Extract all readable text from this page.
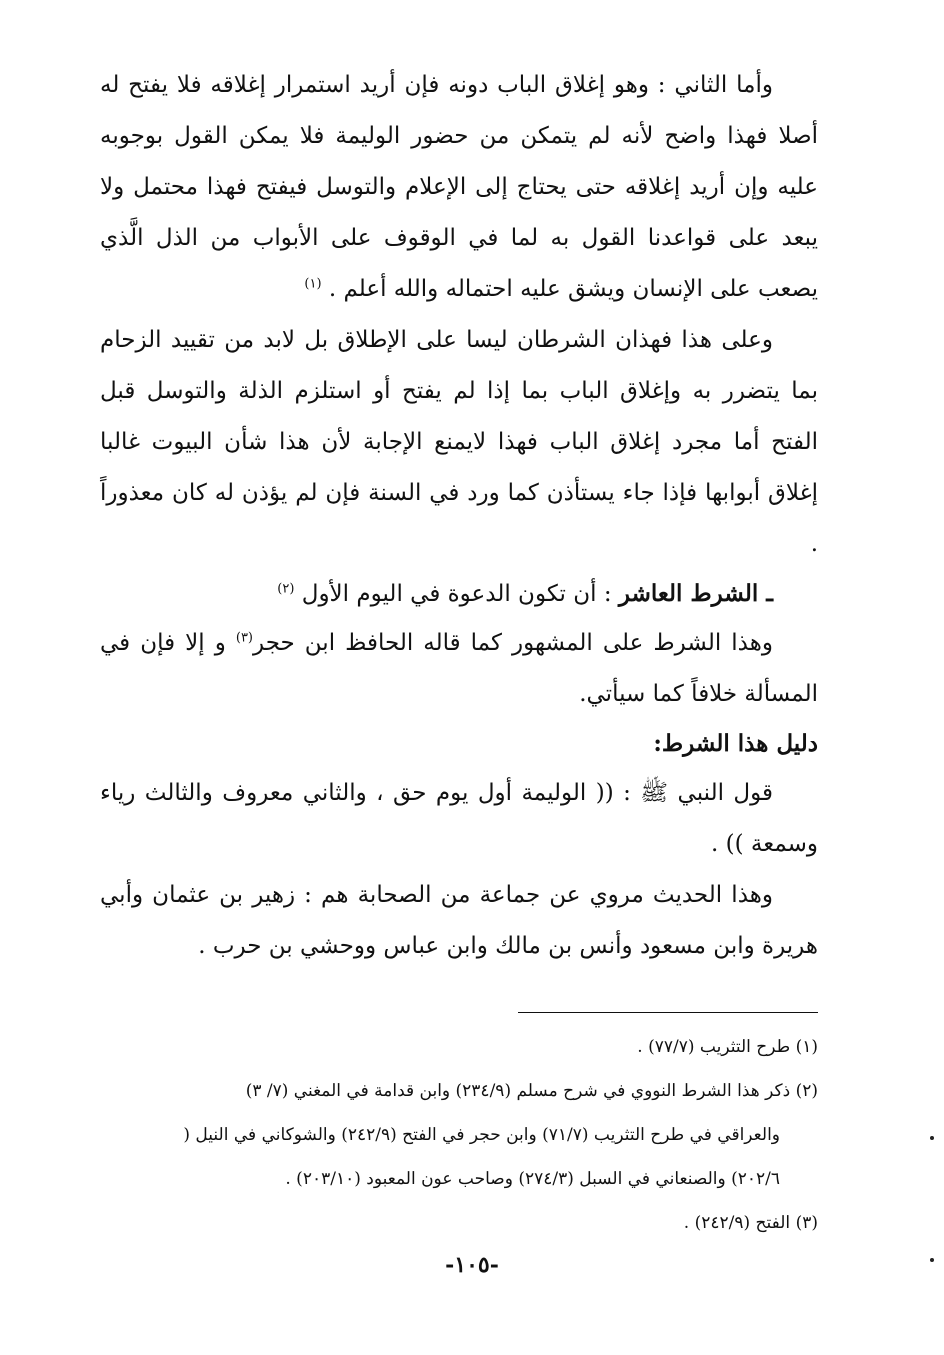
وأما الثاني : وهو إغلاق الباب دونه فإن أريد استمرار إغلاقه فلا يفتح له أصلا فهذا واضح لأنه لم يتمكن من حضور الوليمة فلا يمكن القول بوجوبه عليه وإن أريد إغلاقه حتى يحتاج إلى الإعلام والتوسل فيفتح فهذا محتمل ولا يبعد على قواعدنا القول به لما في الوقوف على الأبواب من الذل الَّذي يصعب على الإنسان ويشق عليه احتماله والله أعلم . $^{(١)}$

وعلى هذا فهذان الشرطان ليسا على الإطلاق بل لابد من تقييد الزحام بما يتضرر به وإغلاق الباب بما إذا لم يفتح أو استلزم الذلة والتوسل قبل الفتح أما مجرد إغلاق الباب فهذا لايمنع الإجابة لأن هذا شأن البيوت غالبا إغلاق أبوابها فإذا جاء يستأذن كما ورد في السنة فإن لم يؤذن له كان معذوراً .

ـ الشرط العاشر : أن تكون الدعوة في اليوم الأول $^{(٢)}$

وهذا الشرط على المشهور كما قاله الحافظ ابن حجر$^{(٣)}$ و إلا فإن في المسألة خلافاً كما سيأتي.

دليل هذا الشرط:

قول النبي ﷺ : (( الوليمة أول يوم حق ، والثاني معروف والثالث رياء وسمعة )) .

وهذا الحديث مروي عن جماعة من الصحابة هم : زهير بن عثمان وأبي هريرة وابن مسعود وأنس بن مالك وابن عباس ووحشي بن حرب .

(١) طرح التثريب (٧٧/٧) .

(٢) ذكر هذا الشرط النووي في شرح مسلم (٢٣٤/٩) وابن قدامة في المغني (٧/ ٣)

والعراقي في طرح التثريب (٧١/٧) وابن حجر في الفتح (٢٤٢/٩) والشوكاني في النيل (

٢٠٢/٦) والصنعاني في السبل (٢٧٤/٣) وصاحب عون المعبود (٢٠٣/١٠) .

(٣) الفتح (٢٤٢/٩) .

-١٠٥-
